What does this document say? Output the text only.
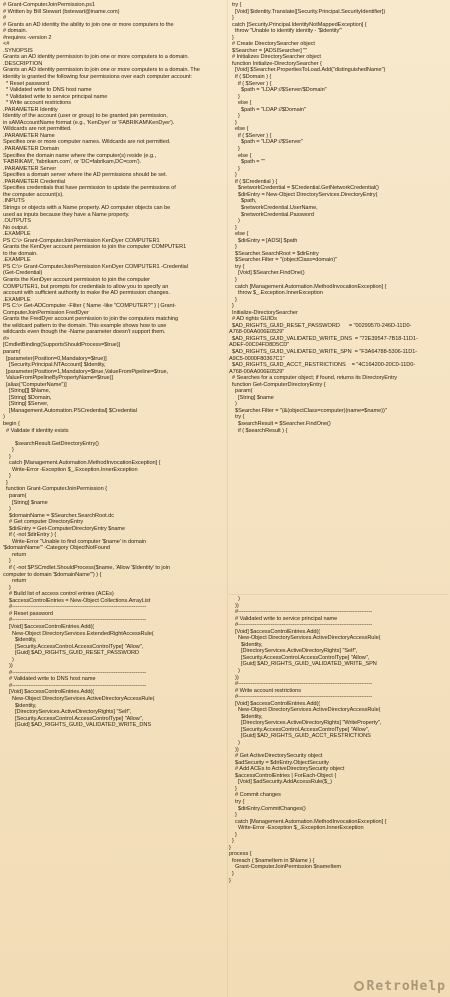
# Grant-ComputerJoinPermission.ps1
# Written by Bill Stewart (bstewart@iname.com)
#
# Grants an AD identity the ability to join one or more computers to the
# domain.
#requires -version 2
<#
.SYNOPSIS
Grants an AD identity permission to join one or more computers to a domain.
.DESCRIPTION
Grants an AD identity permission to join one or more computers to a domain. The
identity is granted the following four permissions over each computer account:
* Reset password
* Validated write to DNS host name
* Validated write to service principal name
* Write account restrictions
.PARAMETER Identity
Identity of the account (user or group) to be granted join permission,
in sAMAccountName format (e.g., 'KenDyer' or 'FABRIKAM\KenDyer').
Wildcards are not permitted.
.PARAMETER Name
Specifies one or more computer names. Wildcards are not permitted.
.PARAMETER Domain
Specifies the domain name where the computer(s) reside (e.g.,
'FABRIKAM', 'fabrikam.com', or 'DC=fabrikam,DC=com').
.PARAMETER Server
Specifies a domain server where the AD permissions should be set.
.PARAMETER Credential
Specifies credentials that have permission to update the permissions of
the computer account(s).
.INPUTS
Strings or objects with a Name property. AD computer objects can be
used as inputs because they have a Name property.
.OUTPUTS
No output.
.EXAMPLE
PS C:\> Grant-ComputerJoinPermission KenDyer COMPUTER1
Grants the KenDyer account permission to join the computer COMPUTER1
to the domain.
.EXAMPLE
PS C:\> Grant-ComputerJoinPermission KenDyer COMPUTER1 -Credential
(Get-Credential)
Grants the KenDyer account permission to join the computer
COMPUTER1, but prompts for credentials to allow you to specify an
account with sufficient authority to make the AD permission changes.
.EXAMPLE
PS C:\> Get-ADComputer -Filter { Name -like "COMPUTER?" } | Grant-
ComputerJoinPermission FredDyer
Grants the FredDyer account permission to join the computers matching
the wildcard pattern to the domain. This example shows how to use
wildcards even though the -Name parameter doesn't support them.
#>
[CmdletBinding(SupportsShouldProcess=$true)]
param(
[parameter(Position=0,Mandatory=$true)]
[Security.Principal.NTAccount] $Identity,
[parameter(Position=1,Mandatory=$true,ValueFromPipeline=$true,
ValueFromPipelineByPropertyName=$true)]
[alias("ComputerName")]
[String[]] $Name,
[String] $Domain,
[String] $Server,
[Management.Automation.PSCredential] $Credential
)
begin {
# Validate if identity exists
$searchResult.GetDirectoryEntry()
}
}
catch [Management.Automation.MethodInvocationException] {
Write-Error -Exception $_.Exception.InnerException
}
}
function Grant-ComputerJoinPermission {
param(
[String] $name
)
$domainName = $Searcher.SearchRoot.dc
# Get computer DirectoryEntry
$dirEntry = Get-ComputerDirectoryEntry $name
if ( -not $dirEntry ) {
Write-Error "Unable to find computer '$name' in domain
'$domainName'" -Category ObjectNotFound
return
}
if ( -not $PSCmdlet.ShouldProcess($name, 'Allow '$Identity' to join
computer to domain '$domainName'") ) {
return
}
# Build list of access control entries (ACEs)
$accessControlEntries = New-Object Collections.ArrayList
#--------------------------------------------------------------------------
# Reset password
#--------------------------------------------------------------------------
[Void] $accessControlEntries.Add((
New-Object DirectoryServices.ExtendedRightAccessRule(
$identity,
[Security.AccessControl.AccessControlType] "Allow",
[Guid] $AD_RIGHTS_GUID_RESET_PASSWORD
)
))
#--------------------------------------------------------------------------
# Validated write to DNS host name
#--------------------------------------------------------------------------
[Void] $accessControlEntries.Add((
New-Object DirectoryServices.ActiveDirectoryAccessRule(
$identity,
[DirectoryServices.ActiveDirectoryRights] "Self",
[Security.AccessControl.AccessControlType] "Allow",
[Guid] $AD_RIGHTS_GUID_VALIDATED_WRITE_DNS
try {
[Void] $identity.Translate([Security.Principal.SecurityIdentifier])
}
catch [Security.Principal.IdentityNotMappedException] {
throw "Unable to identify identity - '$identity'"
}
# Create DirectorySearcher object
$Searcher = [ADSISearcher] ""
# Initializes DirectorySearcher object
function Initialize-DirectorySearcher {
[Void] $Searcher.PropertiesToLoad.Add("distinguishedName")
if ( $Domain ) {
if ( $Server ) {
$path = "LDAP://$Server/$Domain"
}
else {
$path = "LDAP://$Domain"
}
}
else {
if ( $Server ) {
$path = "LDAP://$Server"
}
else {
$path = ""
}
}
if ( $Credential ) {
$networkCredential = $Credential.GetNetworkCredential()
$dirEntry = New-Object DirectoryServices.DirectoryEntry(
$path,
$networkCredential.UserName,
$networkCredential.Password
)
}
else {
$dirEntry = [ADSI] $path
}
$Searcher.SearchRoot = $dirEntry
$Searcher.Filter = "(objectClass=domain)"
try {
[Void] $Searcher.FindOne()
}
catch [Management.Automation.MethodInvocationException] {
throw $_.Exception.InnerException
}
}
Initialize-DirectorySearcher
# AD rights GUIDs
$AD_RIGHTS_GUID_RESET_PASSWORD      = "00299570-246D-11D0-
A768-00AA006E0529"
$AD_RIGHTS_GUID_VALIDATED_WRITE_DNS  = "72E39547-7B18-11D1-
ADEF-00C04FD8D5CD"
$AD_RIGHTS_GUID_VALIDATED_WRITE_SPN  = "F3A64788-5306-11D1-
A9C5-0000F80367C1"
$AD_RIGHTS_GUID_ACCT_RESTRICTIONS    = "4C164200-20C0-11D0-
A768-00AA006E0529"
# Searches for a computer object; if found, returns its DirectoryEntry
function Get-ComputerDirectoryEntry {
param(
[String] $name
)
$Searcher.Filter = "(&(objectClass=computer)(name=$name))"
try {
$searchResult = $Searcher.FindOne()
if ( $searchResult ) {
)
))
#--------------------------------------------------------------------------
# Validated write to service principal name
#--------------------------------------------------------------------------
[Void] $accessControlEntries.Add((
New-Object DirectoryServices.ActiveDirectoryAccessRule(
$identity,
[DirectoryServices.ActiveDirectoryRights] "Self",
[Security.AccessControl.AccessControlType] "Allow",
[Guid] $AD_RIGHTS_GUID_VALIDATED_WRITE_SPN
)
))
#--------------------------------------------------------------------------
# Write account restrictions
#--------------------------------------------------------------------------
[Void] $accessControlEntries.Add((
New-Object DirectoryServices.ActiveDirectoryAccessRule(
$identity,
[DirectoryServices.ActiveDirectoryRights] "WriteProperty",
[Security.AccessControl.AccessControlType] "Allow",
[Guid] $AD_RIGHTS_GUID_ACCT_RESTRICTIONS
)
))
# Get ActiveDirectorySecurity object
$adSecurity = $dirEntry.ObjectSecurity
# Add ACEs to ActiveDirectorySecurity object
$accessControlEntries | ForEach-Object {
[Void] $adSecurity.AddAccessRule($_)
}
# Commit changes
try {
$dirEntry.CommitChanges()
}
catch [Management.Automation.MethodInvocationException] {
Write-Error -Exception $_.Exception.InnerException
}
}
}
process {
foreach ( $nameItem in $Name ) {
Grant-ComputerJoinPermission $nameItem
}
}
RetroHelp
